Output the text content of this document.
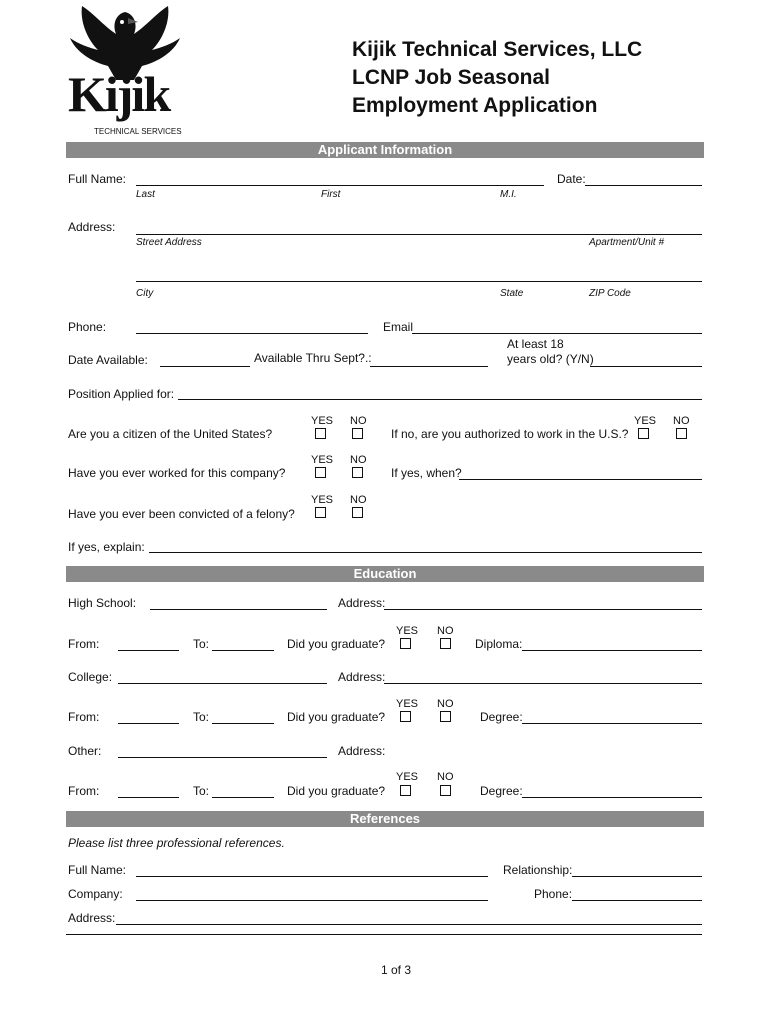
Kijik
TECHNICAL SERVICES
Kijik Technical Services, LLC
LCNP Job Seasonal
Employment Application
Applicant Information
Full Name:	Date:
Last	First	M.I.
Address:
Street Address	Apartment/Unit #
City	State	ZIP Code
Phone:	Email
Date Available:	Available Thru Sept?.:
At least 18
years old? (Y/N)
Position Applied for:
YES NO
Are you a citizen of the United States?
YES NO
If no, are you authorized to work in the U.S.?
YES NO
Have you ever worked for this company?	If yes, when?
YES NO
Have you ever been convicted of a felony?
If yes, explain:
Education
High School:	Address:
YES NO
From:	To:	Did you graduate?	Diploma:
College:	Address:
YES NO
From:	To:	Did you graduate?	Degree:
Other:	Address:
YES NO
From:	To:	Did you graduate?	Degree:
References
Please list three professional references.
Full Name:	Relationship:
Company:	Phone:
Address:
1 of 3
